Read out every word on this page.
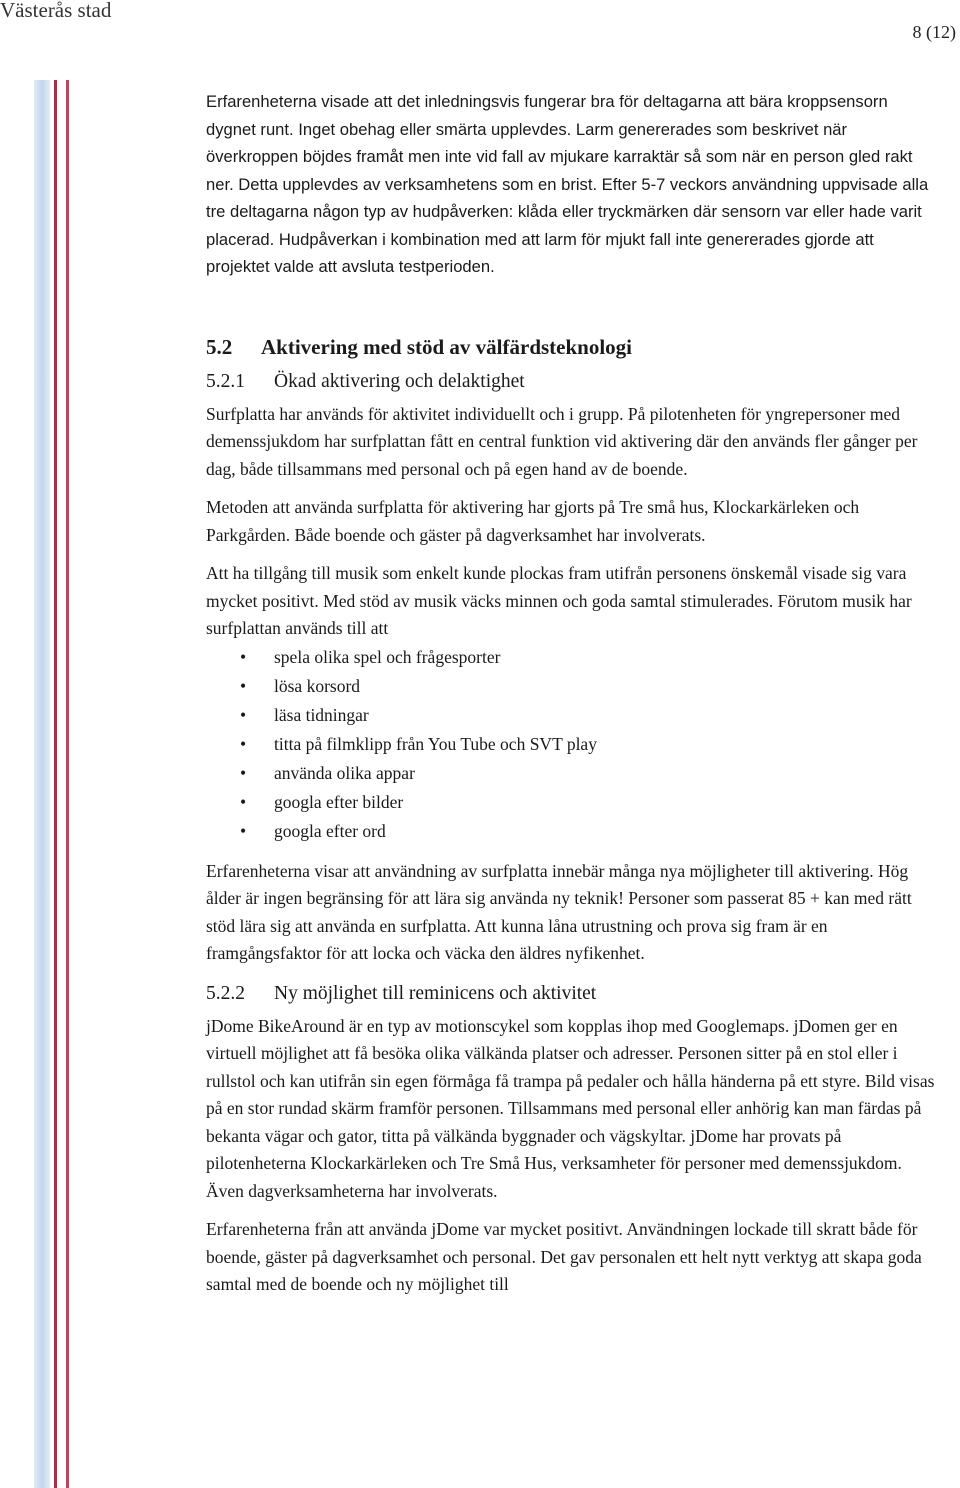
Västerås stad
8 (12)

Erfarenheterna visade att det inledningsvis fungerar bra för deltagarna att bära kroppsensorn dygnet runt. Inget obehag eller smärta upplevdes. Larm genererades som beskrivet när överkroppen böjdes framåt men inte vid fall av mjukare karraktär så som när en person gled rakt ner. Detta upplevdes av verksamhetens som en brist. Efter 5-7 veckors användning uppvisade alla tre deltagarna någon typ av hudpåverken: klåda eller tryckmärken där sensorn var eller hade varit placerad. Hudpåverkan i kombination med att larm för mjukt fall inte genererades gjorde att projektet valde att avsluta testperioden.

5.2 Aktivering med stöd av välfärdsteknologi
5.2.1 Ökad aktivering och delaktighet

Surfplatta har används för aktivitet individuellt och i grupp. På pilotenheten för yngrepersoner med demenssjukdom har surfplattan fått en central funktion vid aktivering där den används fler gånger per dag, både tillsammans med personal och på egen hand av de boende.

Metoden att använda surfplatta för aktivering har gjorts på Tre små hus, Klockarkärleken och Parkgården. Både boende och gäster på dagverksamhet har involverats.

Att ha tillgång till musik som enkelt kunde plockas fram utifrån personens önskemål visade sig vara mycket positivt. Med stöd av musik väcks minnen och goda samtal stimulerades. Förutom musik har surfplattan används till att

• spela olika spel och frågesporter
• lösa korsord
• läsa tidningar
• titta på filmklipp från You Tube och SVT play
• använda olika appar
• googla efter bilder
• googla efter ord

Erfarenheterna visar att användning av surfplatta innebär många nya möjligheter till aktivering. Hög ålder är ingen begränsing för att lära sig använda ny teknik! Personer som passerat 85 + kan med rätt stöd lära sig att använda en surfplatta. Att kunna låna utrustning och prova sig fram är en framgångsfaktor för att locka och väcka den äldres nyfikenhet.

5.2.2 Ny möjlighet till reminicens och aktivitet

jDome BikeAround är en typ av motionscykel som kopplas ihop med Googlemaps. jDomen ger en virtuell möjlighet att få besöka olika välkända platser och adresser. Personen sitter på en stol eller i rullstol och kan utifrån sin egen förmåga få trampa på pedaler och hålla händerna på ett styre. Bild visas på en stor rundad skärm framför personen. Tillsammans med personal eller anhörig kan man färdas på bekanta vägar och gator, titta på välkända byggnader och vägskyltar. jDome har provats på pilotenheterna Klockarkärleken och Tre Små Hus, verksamheter för personer med demenssjukdom. Även dagverksamheterna har involverats.

Erfarenheterna från att använda jDome var mycket positivt. Användningen lockade till skratt både för boende, gäster på dagverksamhet och personal. Det gav personalen ett helt nytt verktyg att skapa goda samtal med de boende och ny möjlighet till
